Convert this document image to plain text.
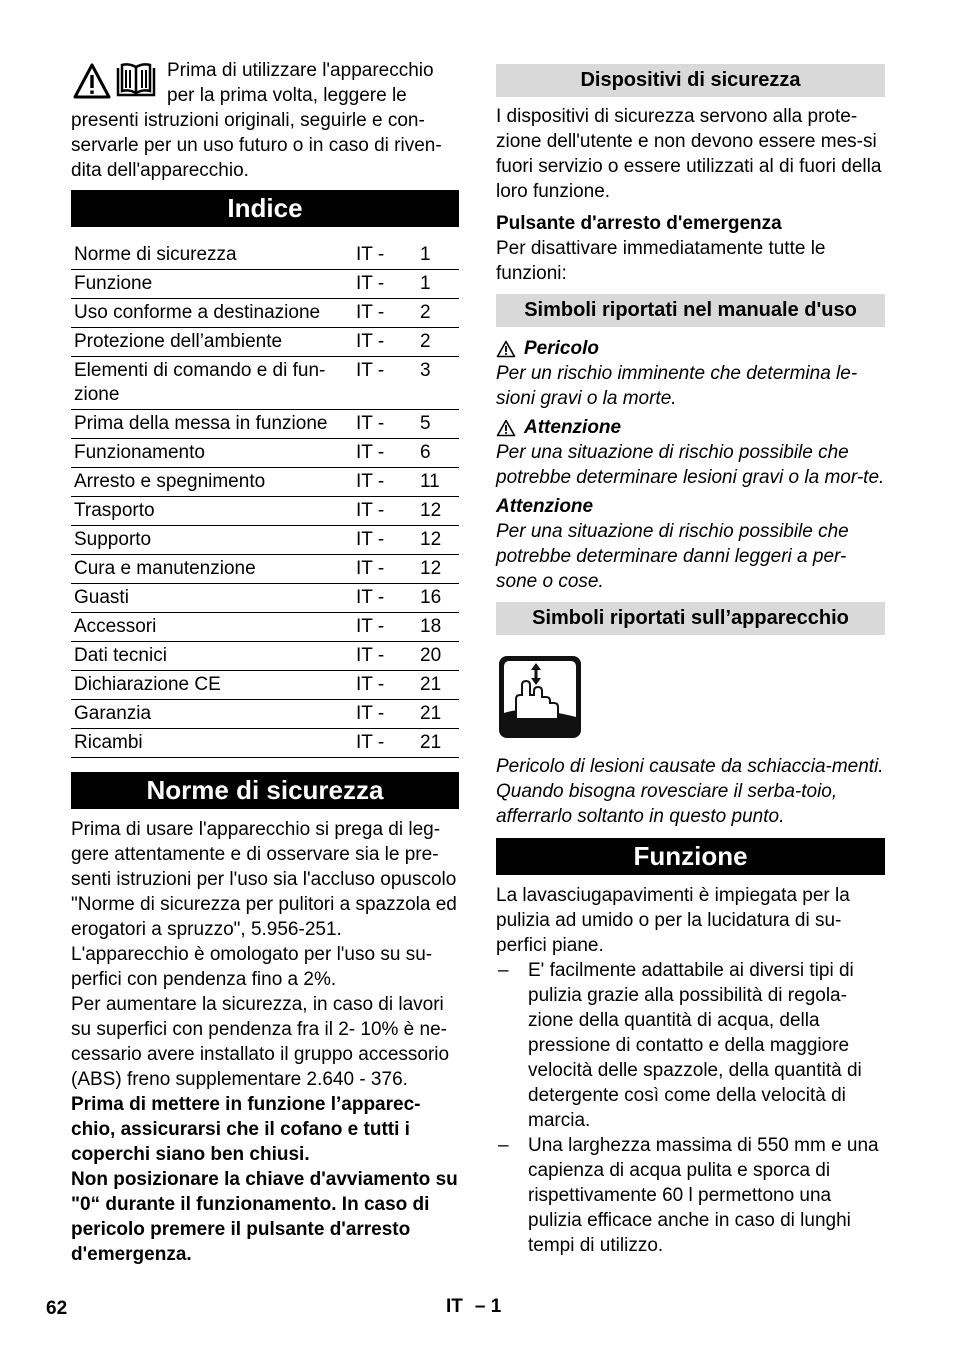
Prima di utilizzare l'apparecchio

per la prima volta, leggere le

presenti istruzioni originali, seguirle e con-

servarle per un uso futuro o in caso di riven-

dita dell'apparecchio.

Indice
Norme di sicurezza	IT -	1
Funzione	IT -	1
Uso conforme a destinazione	IT -	2
Protezione dell’ambiente	IT -	2
Elementi di comando e di fun-zione	IT -	3
Prima della messa in funzione	IT -	5
Funzionamento	IT -	6
Arresto e spegnimento	IT -	11
Trasporto	IT -	12
Supporto	IT -	12
Cura e manutenzione	IT -	12
Guasti	IT -	16
Accessori	IT -	18
Dati tecnici	IT -	20
Dichiarazione CE	IT -	21
Garanzia	IT -	21
Ricambi	IT -	21
Norme di sicurezza

Prima di usare l'apparecchio si prega di leg-gere attentamente e di osservare sia le pre-senti istruzioni per l'uso sia l'accluso opuscolo "Norme di sicurezza per pulitori a spazzola ed erogatori a spruzzo", 5.956-251.

L'apparecchio è omologato per l'uso su su-perfici con pendenza fino a 2%.

Per aumentare la sicurezza, in caso di lavori su superfici con pendenza fra il 2- 10% è ne-cessario avere installato il gruppo accessorio (ABS) freno supplementare 2.640 - 376.

Prima di mettere in funzione l’apparec-chio, assicurarsi che il cofano e tutti i coperchi siano ben chiusi.

Non posizionare la chiave d'avviamento su "0“ durante il funzionamento. In caso di pericolo premere il pulsante d'arresto d'emergenza.

Dispositivi di sicurezza

I dispositivi di sicurezza servono alla prote-zione dell'utente e non devono essere mes-si fuori servizio o essere utilizzati al di fuori della loro funzione.

Pulsante d'arresto d'emergenza

Per disattivare immediatamente tutte le funzioni:

Simboli riportati nel manuale d'uso
Pericolo

Per un rischio imminente che determina le-sioni gravi o la morte.

Attenzione

Per una situazione di rischio possibile che potrebbe determinare lesioni gravi o la mor-te.

Attenzione

Per una situazione di rischio possibile che potrebbe determinare danni leggeri a per-sone o cose.

Simboli riportati sull’apparecchio

Pericolo di lesioni causate da schiaccia-menti. Quando bisogna rovesciare il serba-toio, afferrarlo soltanto in questo punto.

Funzione

La lavasciugapavimenti è impiegata per la pulizia ad umido o per la lucidatura di su-perfici piane.

– E' facilmente adattabile ai diversi tipi di pulizia grazie alla possibilità di regola-zione della quantità di acqua, della pressione di contatto e della maggiore velocità delle spazzole, della quantità di detergente così come della velocità di marcia.
– Una larghezza massima di 550 mm e una capienza di acqua pulita e sporca di rispettivamente 60 l permettono una pulizia efficace anche in caso di lunghi tempi di utilizzo.
62	IT – 1
